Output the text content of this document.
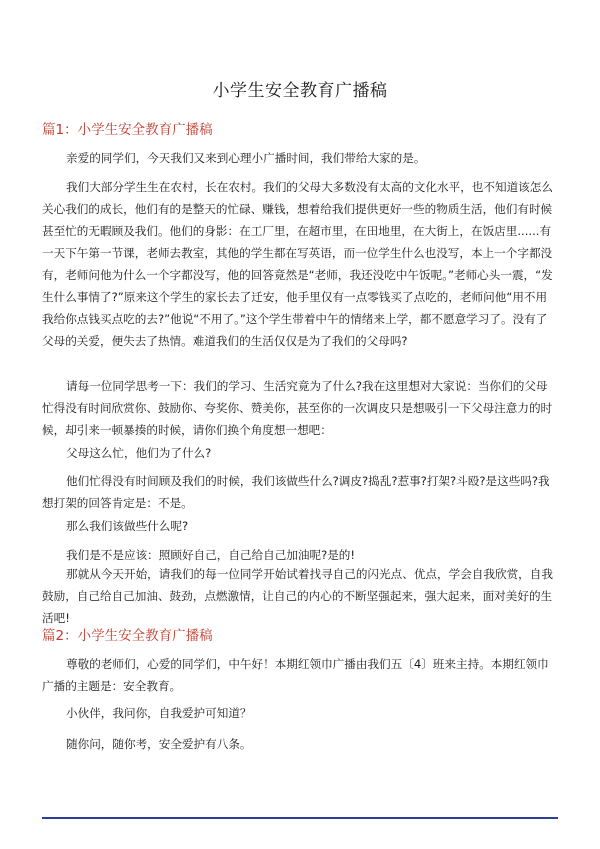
小学生安全教育广播稿
篇1：小学生安全教育广播稿
亲爱的同学们，今天我们又来到心理小广播时间，我们带给大家的是。
我们大部分学生生在农村，长在农村。我们的父母大多数没有太高的文化水平，也不知道该怎么关心我们的成长，他们有的是整天的忙碌、赚钱，想着给我们提供更好一些的物质生活，他们有时候甚至忙的无暇顾及我们。他们的身影：在工厂里，在超市里，在田地里，在大街上，在饭店里......有一天下午第一节课，老师去教室，其他的学生都在写英语，而一位学生什么也没写，本上一个字都没有，老师问他为什么一个字都没写，他的回答竟然是“老师，我还没吃中午饭呢。”老师心头一震，“发生什么事情了?”原来这个学生的家长去了迁安，他手里仅有一点零钱买了点吃的，老师问他“用不用我给你点钱买点吃的去?”他说“不用了。”这个学生带着中午的情绪来上学，都不愿意学习了。没有了父母的关爱，便失去了热情。难道我们的生活仅仅是为了我们的父母吗?
请每一位同学思考一下：我们的学习、生活究竟为了什么?我在这里想对大家说：当你们的父母忙得没有时间欣赏你、鼓励你、夸奖你、赞美你，甚至你的一次调皮只是想吸引一下父母注意力的时候，却引来一顿暴揍的时候，请你们换个角度想一想吧：
父母这么忙，他们为了什么?
他们忙得没有时间顾及我们的时候，我们该做些什么?调皮?捣乱?惹事?打架?斗殴?是这些吗?我想打架的回答肯定是：不是。
那么我们该做些什么呢?
我们是不是应该：照顾好自己，自己给自己加油呢?是的!
那就从今天开始，请我们的每一位同学开始试着找寻自己的闪光点、优点，学会自我欣赏，自我鼓励，自己给自己加油、鼓劲，点燃激情，让自己的内心的不断坚强起来，强大起来，面对美好的生活吧!
篇2：小学生安全教育广播稿
尊敬的老师们，心爱的同学们，中午好！本期红领巾广播由我们五〔4〕班来主持。本期红领巾广播的主题是：安全教育。
小伙伴，我问你，自我爱护可知道？
随你问，随你考，安全爱护有八条。
